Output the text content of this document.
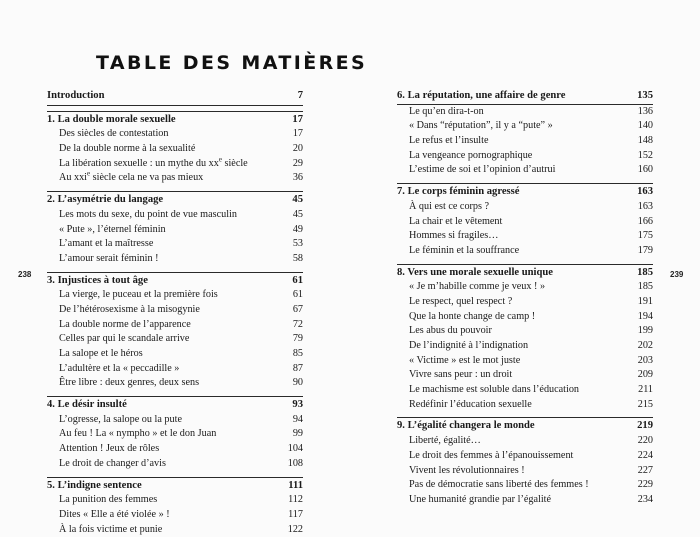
TABLE DES MATIÈRES
238	239
Introduction	7
1. La double morale sexuelle	17
Des siècles de contestation	17
De la double norme à la sexualité	20
La libération sexuelle : un mythe du $xx^e$ siècle	29
Au xxi$^e$ siècle cela ne va pas mieux	36
2. L’asymétrie du langage	45
Les mots du sexe, du point de vue masculin	45
« Pute », l’éternel féminin	49
L’amant et la maîtresse	53
L’amour serait féminin !	58
3. Injustices à tout âge	61
La vierge, le puceau et la première fois	61
De l’hétérosexisme à la misogynie	67
La double norme de l’apparence	72
Celles par qui le scandale arrive	79
La salope et le héros	85
L’adultère et la « peccadille »	87
Être libre : deux genres, deux sens	90
4. Le désir insulté	93
L’ogresse, la salope ou la pute	94
Au feu ! La « nympho » et le don Juan	99
Attention ! Jeux de rôles	104
Le droit de changer d’avis	108
5. L’indigne sentence	111
La punition des femmes	112
Dites « Elle a été violée » !	117
À la fois victime et punie	122
6. La réputation, une affaire de genre	135
Le qu’en dira-t-on	136
« Dans “réputation”, il y a “pute” »	140
Le refus et l’insulte	148
La vengeance pornographique	152
L’estime de soi et l’opinion d’autrui	160
7. Le corps féminin agressé	163
À qui est ce corps ?	163
La chair et le vêtement	166
Hommes si fragiles…	175
Le féminin et la souffrance	179
8. Vers une morale sexuelle unique	185
« Je m’habille comme je veux ! »	185
Le respect, quel respect ?	191
Que la honte change de camp !	194
Les abus du pouvoir	199
De l’indignité à l’indignation	202
« Victime » est le mot juste	203
Vivre sans peur : un droit	209
Le machisme est soluble dans l’éducation	211
Redéfinir l’éducation sexuelle	215
9. L’égalité changera le monde	219
Liberté, égalité…	220
Le droit des femmes à l’épanouissement	224
Vivent les révolutionnaires !	227
Pas de démocratie sans liberté des femmes !	229
Une humanité grandie par l’égalité	234
